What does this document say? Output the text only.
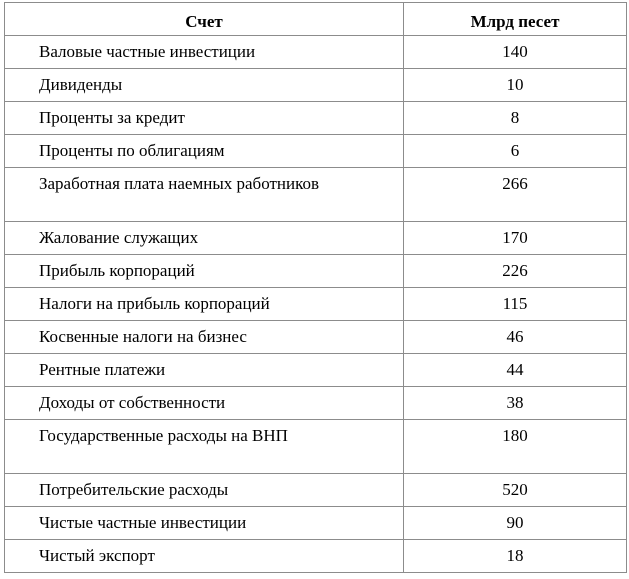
Счет	Млрд песет
Валовые частные инвестиции	140
Дивиденды	10
Проценты за кредит	8
Проценты по облигациям	6
Заработная плата наемных работников	266
Жалование служащих	170
Прибыль корпораций	226
Налоги на прибыль корпораций	115
Косвенные налоги на бизнес	46
Рентные платежи	44
Доходы от собственности	38
Государственные расходы на ВНП	180
Потребительские расходы	520
Чистые частные инвестиции	90
Чистый экспорт	18
